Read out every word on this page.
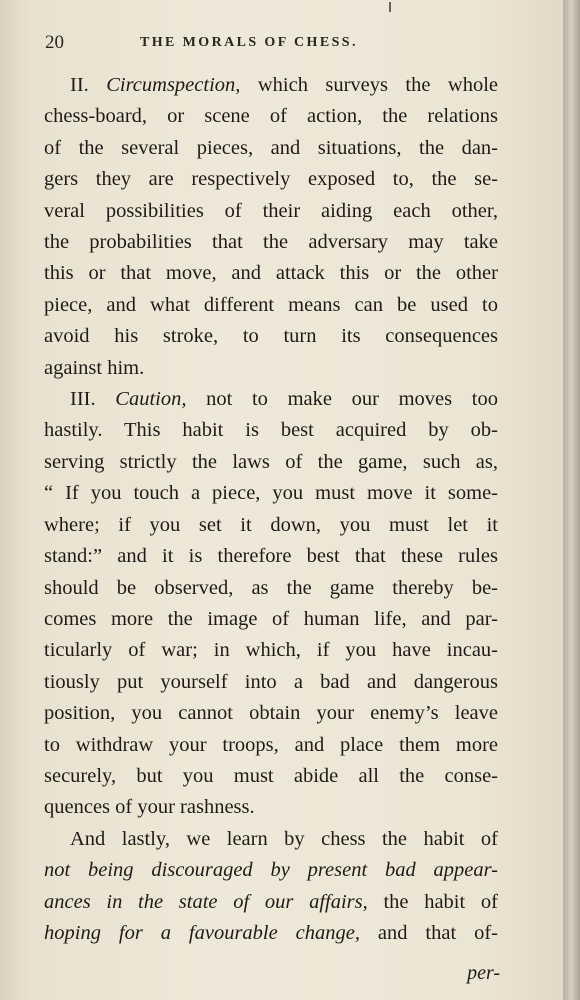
20	THE MORALS OF CHESS.

II. Circumspection, which surveys the whole
chess-board, or scene of action, the relations
of the several pieces, and situations, the dan-
gers they are respectively exposed to, the se-
veral possibilities of their aiding each other,
the probabilities that the adversary may take
this or that move, and attack this or the other
piece, and what different means can be used to
avoid his stroke, to turn its consequences
against him.

III. Caution, not to make our moves too
hastily. This habit is best acquired by ob-
serving strictly the laws of the game, such as,
“ If you touch a piece, you must move it some-
where; if you set it down, you must let it
stand:” and it is therefore best that these rules
should be observed, as the game thereby be-
comes more the image of human life, and par-
ticularly of war; in which, if you have incau-
tiously put yourself into a bad and dangerous
position, you cannot obtain your enemy’s leave
to withdraw your troops, and place them more
securely, but you must abide all the conse-
quences of your rashness.

And lastly, we learn by chess the habit of
not being discouraged by present bad appear-
ances in the state of our affairs, the habit of
hoping for a favourable change, and that of-

per-
